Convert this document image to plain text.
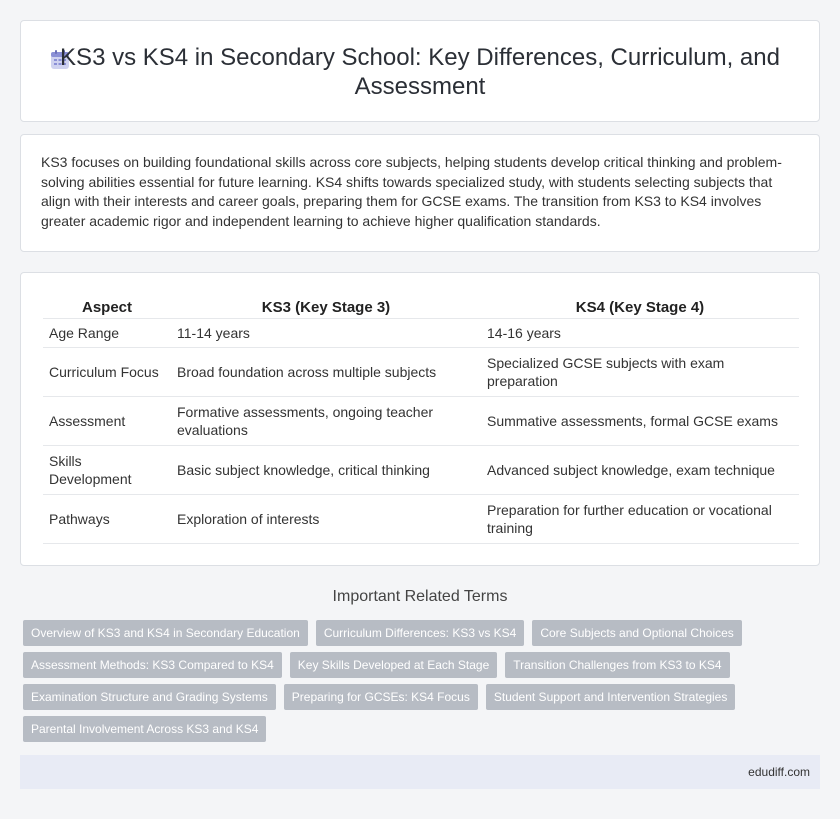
KS3 vs KS4 in Secondary School: Key Differences, Curriculum, and Assessment

KS3 focuses on building foundational skills across core subjects, helping students develop critical thinking and problem-solving abilities essential for future learning. KS4 shifts towards specialized study, with students selecting subjects that align with their interests and career goals, preparing them for GCSE exams. The transition from KS3 to KS4 involves greater academic rigor and independent learning to achieve higher qualification standards.

Aspect	KS3 (Key Stage 3)	KS4 (Key Stage 4)
Age Range	11-14 years	14-16 years
Curriculum Focus	Broad foundation across multiple subjects	Specialized GCSE subjects with exam preparation
Assessment	Formative assessments, ongoing teacher evaluations	Summative assessments, formal GCSE exams
Skills Development	Basic subject knowledge, critical thinking	Advanced subject knowledge, exam technique
Pathways	Exploration of interests	Preparation for further education or vocational training
Important Related Terms
Overview of KS3 and KS4 in Secondary Education	Curriculum Differences: KS3 vs KS4	Core Subjects and Optional Choices
Assessment Methods: KS3 Compared to KS4	Key Skills Developed at Each Stage	Transition Challenges from KS3 to KS4
Examination Structure and Grading Systems	Preparing for GCSEs: KS4 Focus	Student Support and Intervention Strategies
Parental Involvement Across KS3 and KS4
edudiff.com
